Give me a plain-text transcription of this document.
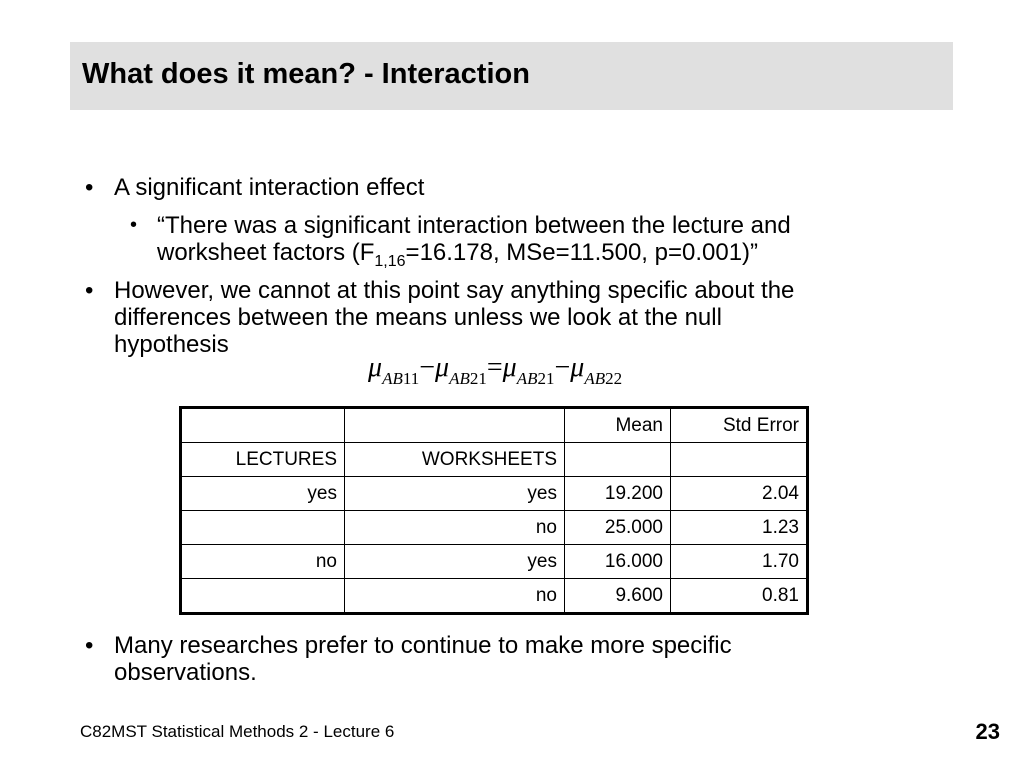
What does it mean? - Interaction
• A significant interaction effect
• “There was a significant interaction between the lecture and
worksheet factors ($F_{1,16}=16.178$, MSe=11.500, p=0.001)”
• However, we cannot at this point say anything specific about the
differences between the means unless we look at the null
hypothesis
$\mu_{AB11}-\mu_{AB21}=\mu_{AB21}-\mu_{AB22}$
		Mean	Std Error
LECTURES	WORKSHEETS		
yes	yes	19.200	2.04
	no	25.000	1.23
no	yes	16.000	1.70
	no	9.600	0.81
• Many researches prefer to continue to make more specific
observations.
C82MST Statistical Methods 2 - Lecture 6	23
